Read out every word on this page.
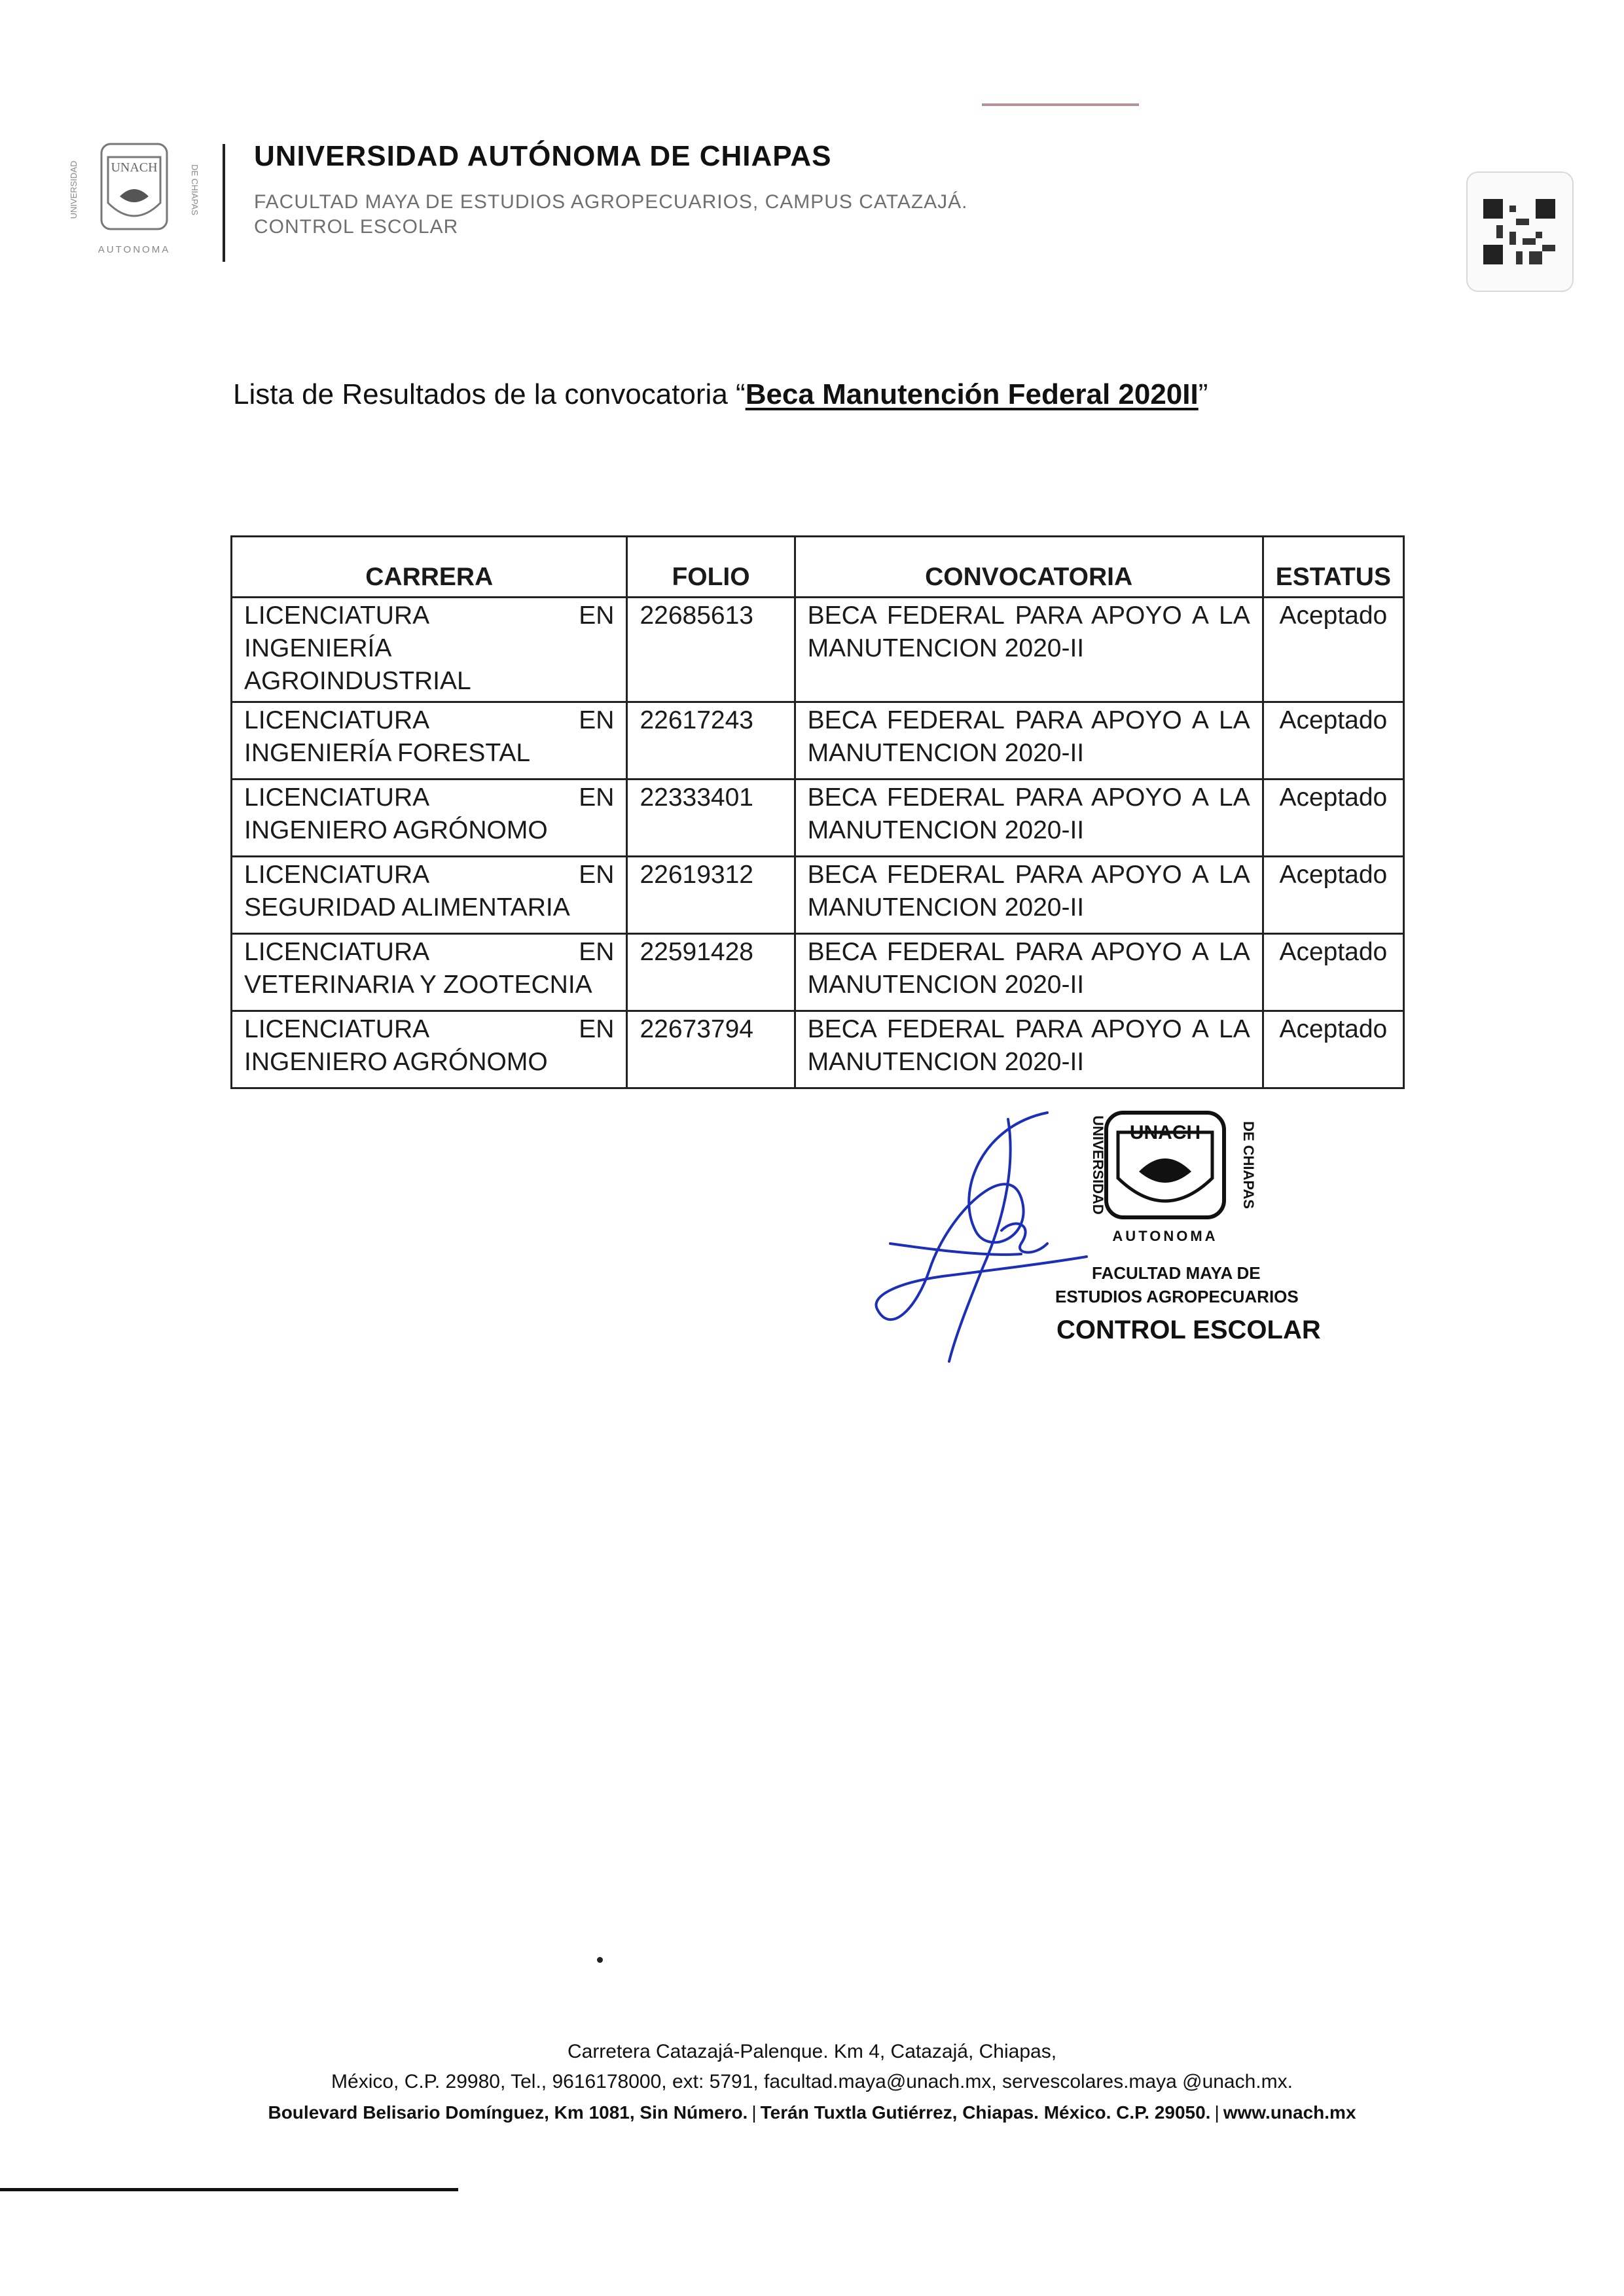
UNACH
UNIVERSIDAD	DE CHIAPAS
AUTONOMA
UNIVERSIDAD AUTÓNOMA DE CHIAPAS
FACULTAD MAYA DE ESTUDIOS AGROPECUARIOS, CAMPUS CATAZAJÁ.
CONTROL ESCOLAR
Lista de Resultados de la convocatoria “Beca Manutención Federal 2020II”
CARRERA	FOLIO	CONVOCATORIA	ESTATUS
LICENCIATURA EN INGENIERÍA AGROINDUSTRIAL	22685613	BECA FEDERAL PARA APOYO A LA MANUTENCION 2020-II	Aceptado
LICENCIATURA EN INGENIERÍA FORESTAL	22617243	BECA FEDERAL PARA APOYO A LA MANUTENCION 2020-II	Aceptado
LICENCIATURA EN INGENIERO AGRÓNOMO	22333401	BECA FEDERAL PARA APOYO A LA MANUTENCION 2020-II	Aceptado
LICENCIATURA EN SEGURIDAD ALIMENTARIA	22619312	BECA FEDERAL PARA APOYO A LA MANUTENCION 2020-II	Aceptado
LICENCIATURA EN VETERINARIA Y ZOOTECNIA	22591428	BECA FEDERAL PARA APOYO A LA MANUTENCION 2020-II	Aceptado
LICENCIATURA EN INGENIERO AGRÓNOMO	22673794	BECA FEDERAL PARA APOYO A LA MANUTENCION 2020-II	Aceptado
UNACH
UNIVERSIDAD	DE CHIAPAS
AUTONOMA
FACULTAD MAYA DE
ESTUDIOS AGROPECUARIOS
CONTROL ESCOLAR
Carretera Catazajá-Palenque. Km 4, Catazajá, Chiapas,
México, C.P. 29980, Tel., 9616178000, ext: 5791, facultad.maya@unach.mx, servescolares.maya @unach.mx.
Boulevard Belisario Domínguez, Km 1081, Sin Número. | Terán Tuxtla Gutiérrez, Chiapas. México. C.P. 29050. | www.unach.mx
